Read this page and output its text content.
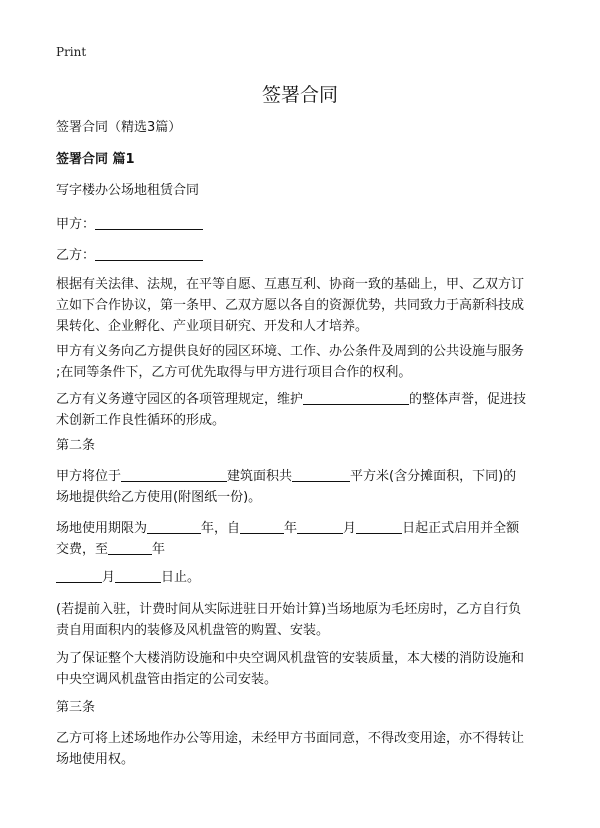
Print
签署合同
签署合同（精选3篇）
签署合同 篇1
写字楼办公场地租赁合同
甲方：
乙方：
根据有关法律、法规，在平等自愿、互惠互利、协商一致的基础上，甲、乙双方订
立如下合作协议，第一条甲、乙双方愿以各自的资源优势，共同致力于高新科技成
果转化、企业孵化、产业项目研究、开发和人才培养。
甲方有义务向乙方提供良好的园区环境、工作、办公条件及周到的公共设施与服务
;在同等条件下，乙方可优先取得与甲方进行项目合作的权利。
乙方有义务遵守园区的各项管理规定，维护	的整体声誉，促进技
术创新工作良性循环的形成。
第二条
甲方将位于	建筑面积共	平方米(含分摊面积，下同)的
场地提供给乙方使用(附图纸一份)。
场地使用期限为	年，自	年	月	日起正式启用并全额
交费，至	年
月	日止。
(若提前入驻，计费时间从实际进驻日开始计算)当场地原为毛坯房时，乙方自行负
责自用面积内的装修及风机盘管的购置、安装。
为了保证整个大楼消防设施和中央空调风机盘管的安装质量，本大楼的消防设施和
中央空调风机盘管由指定的公司安装。
第三条
乙方可将上述场地作办公等用途，未经甲方书面同意，不得改变用途，亦不得转让
场地使用权。
